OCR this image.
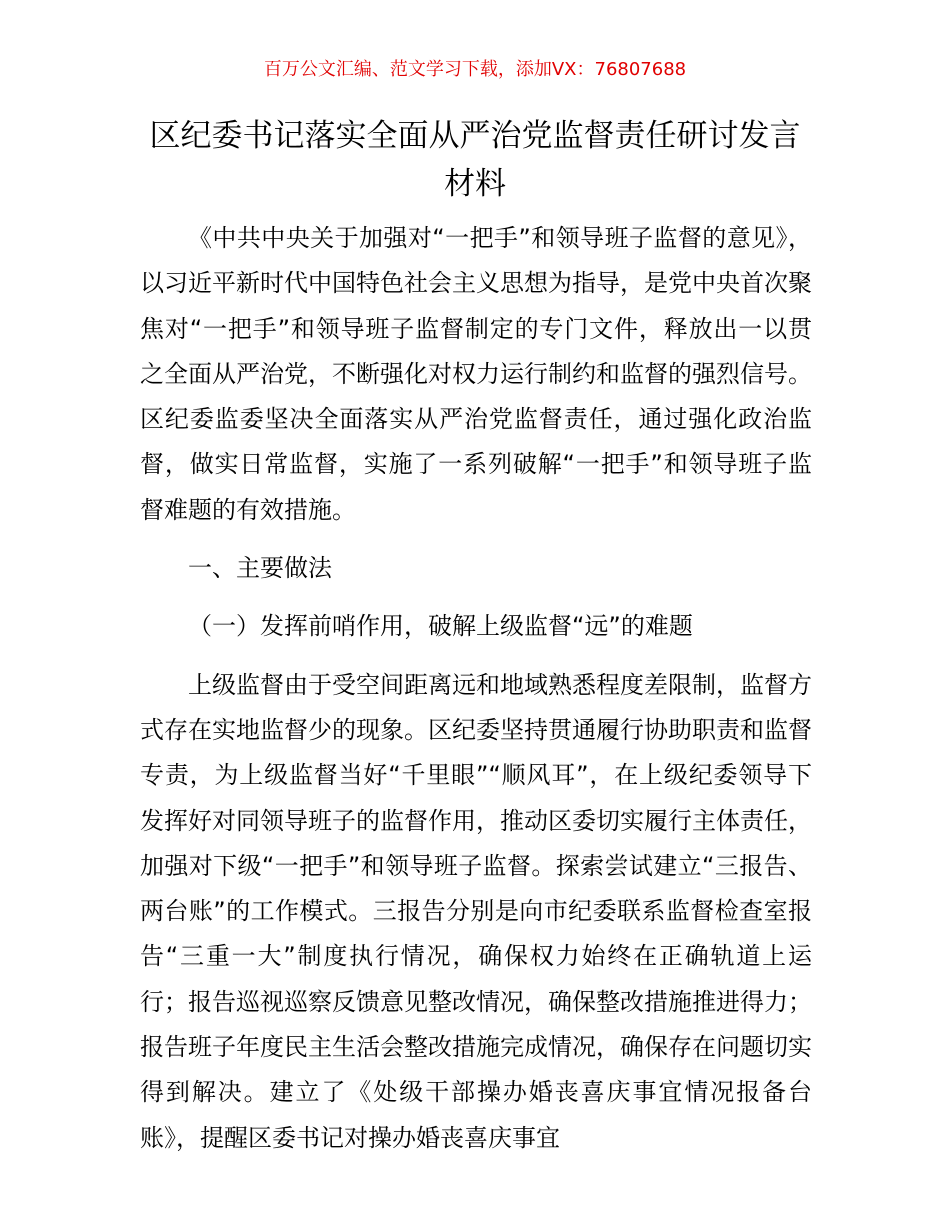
百万公文汇编、范文学习下载，添加VX：76807688
区纪委书记落实全面从严治党监督责任研讨发言材料

《中共中央关于加强对“一把手”和领导班子监督的意见》，以习近平新时代中国特色社会主义思想为指导，是党中央首次聚焦对“一把手”和领导班子监督制定的专门文件，释放出一以贯之全面从严治党，不断强化对权力运行制约和监督的强烈信号。区纪委监委坚决全面落实从严治党监督责任，通过强化政治监督，做实日常监督，实施了一系列破解“一把手”和领导班子监督难题的有效措施。

一、主要做法

（一）发挥前哨作用，破解上级监督“远”的难题

上级监督由于受空间距离远和地域熟悉程度差限制，监督方式存在实地监督少的现象。区纪委坚持贯通履行协助职责和监督专责，为上级监督当好“千里眼”“顺风耳”，在上级纪委领导下发挥好对同领导班子的监督作用，推动区委切实履行主体责任，加强对下级“一把手”和领导班子监督。探索尝试建立“三报告、两台账”的工作模式。三报告分别是向市纪委联系监督检查室报告“三重一大”制度执行情况，确保权力始终在正确轨道上运行；报告巡视巡察反馈意见整改情况，确保整改措施推进得力；报告班子年度民主生活会整改措施完成情况，确保存在问题切实得到解决。建立了《处级干部操办婚丧喜庆事宜情况报备台账》，提醒区委书记对操办婚丧喜庆事宜
